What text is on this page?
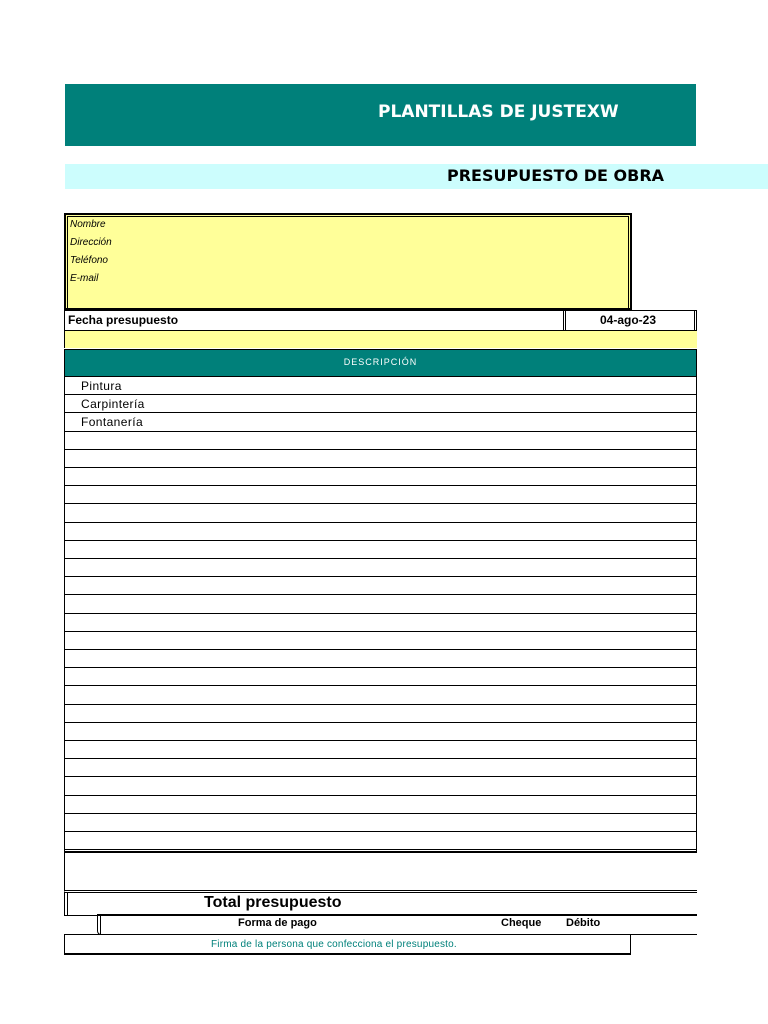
PLANTILLAS DE JUSTEXW
PRESUPUESTO DE OBRA
Nombre
Dirección
Teléfono
E-mail
Fecha presupuesto	04-ago-23
DESCRIPCIÓN
Pintura
Carpintería
Fontanería
Total presupuesto
Forma de pago	Cheque Débito
Firma de la persona que confecciona el presupuesto.
